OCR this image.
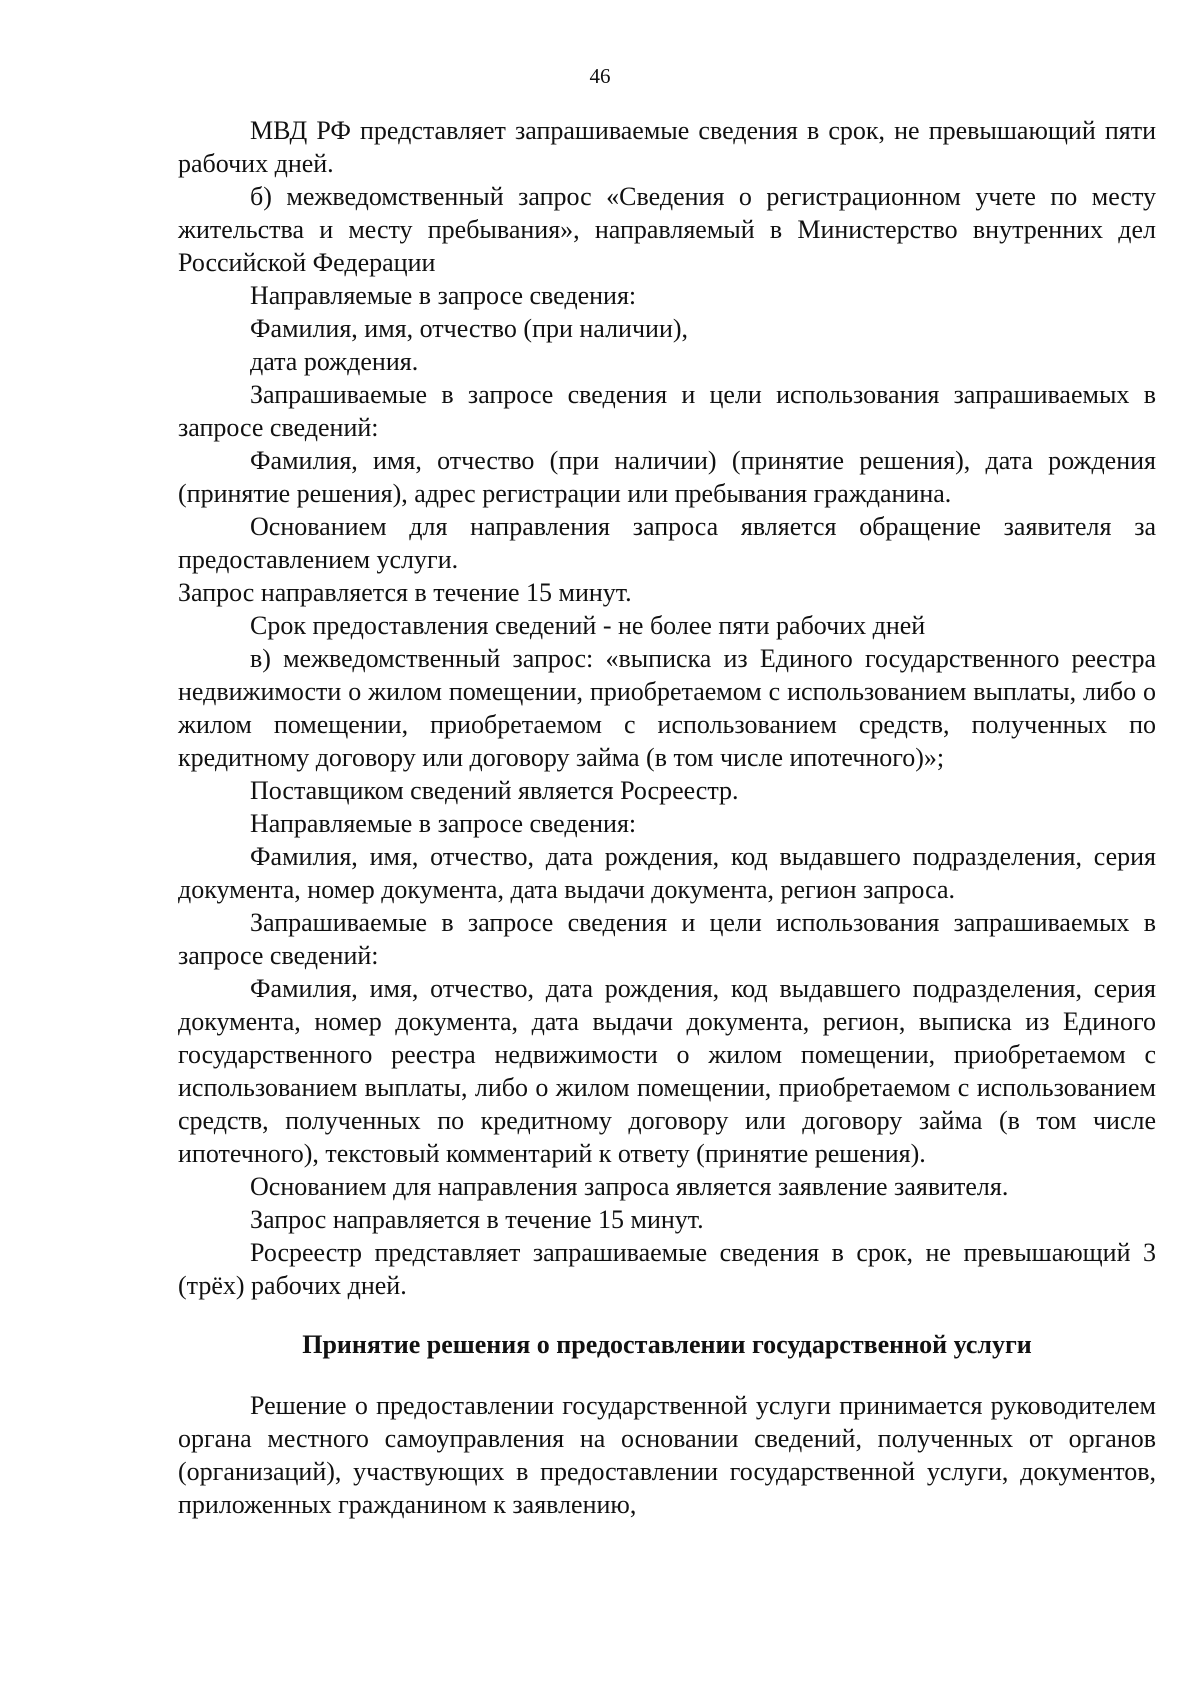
46

МВД РФ представляет запрашиваемые сведения в срок, не превышающий пяти рабочих дней.

б) межведомственный запрос «Сведения о регистрационном учете по месту жительства и месту пребывания», направляемый в Министерство внутренних дел Российской Федерации

Направляемые в запросе сведения:

Фамилия, имя, отчество (при наличии),

дата рождения.

Запрашиваемые в запросе сведения и цели использования запрашиваемых в запросе сведений:

Фамилия, имя, отчество (при наличии) (принятие решения), дата рождения (принятие решения), адрес регистрации или пребывания гражданина.

Основанием для направления запроса является обращение заявителя за предоставлением услуги.

Запрос направляется в течение 15 минут.

Срок предоставления сведений - не более пяти рабочих дней

в) межведомственный запрос: «выписка из Единого государственного реестра недвижимости о жилом помещении, приобретаемом с использованием выплаты, либо о жилом помещении, приобретаемом с использованием средств, полученных по кредитному договору или договору займа (в том числе ипотечного)»;

Поставщиком сведений является Росреестр.

Направляемые в запросе сведения:

Фамилия, имя, отчество, дата рождения, код выдавшего подразделения, серия документа, номер документа, дата выдачи документа, регион запроса.

Запрашиваемые в запросе сведения и цели использования запрашиваемых в запросе сведений:

Фамилия, имя, отчество, дата рождения, код выдавшего подразделения, серия документа, номер документа, дата выдачи документа, регион, выписка из Единого государственного реестра недвижимости о жилом помещении, приобретаемом с использованием выплаты, либо о жилом помещении, приобретаемом с использованием средств, полученных по кредитному договору или договору займа (в том числе ипотечного), текстовый комментарий к ответу (принятие решения).

Основанием для направления запроса является заявление заявителя.

Запрос направляется в течение 15 минут.

Росреестр представляет запрашиваемые сведения в срок, не превышающий 3 (трёх) рабочих дней.

Принятие решения о предоставлении государственной услуги

Решение о предоставлении государственной услуги принимается руководителем органа местного самоуправления на основании сведений, полученных от органов (организаций), участвующих в предоставлении государственной услуги, документов, приложенных гражданином к заявлению,
